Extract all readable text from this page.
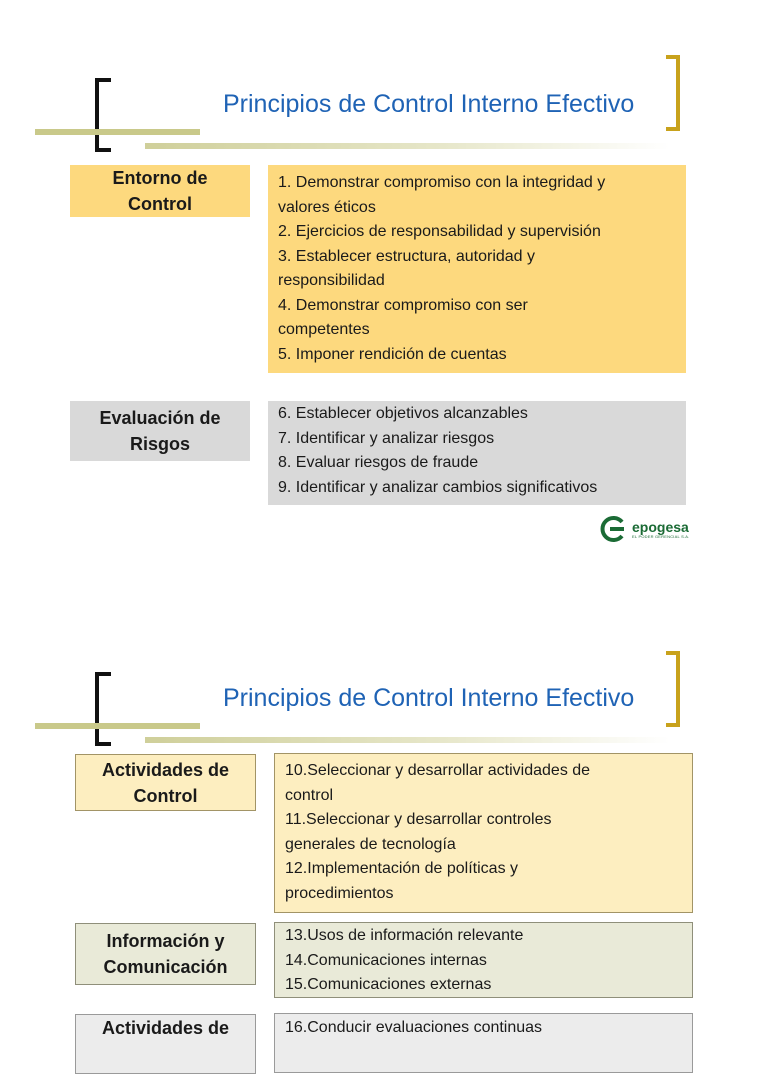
Principios de Control Interno Efectivo
Entorno de
Control
1. Demonstrar compromiso con la integridad y
valores éticos
2. Ejercicios de responsabilidad y supervisión
3. Establecer estructura, autoridad y
responsibilidad
4. Demonstrar compromiso con ser
competentes
5. Imponer rendición de cuentas
Evaluación de
Risgos
6. Establecer objetivos alcanzables
7. Identificar y analizar riesgos
8. Evaluar riesgos de fraude
9. Identificar y analizar cambios significativos
epogesa
EL PODER GERENCIAL S.A.
Principios de Control Interno Efectivo
Actividades de
Control
10.Seleccionar y desarrollar actividades de
control
11.Seleccionar y desarrollar controles
generales de tecnología
12.Implementación de políticas y
procedimientos
Información y
Comunicación
13.Usos de información relevante
14.Comunicaciones internas
15.Comunicaciones externas
Actividades de	16.Conducir evaluaciones continuas
